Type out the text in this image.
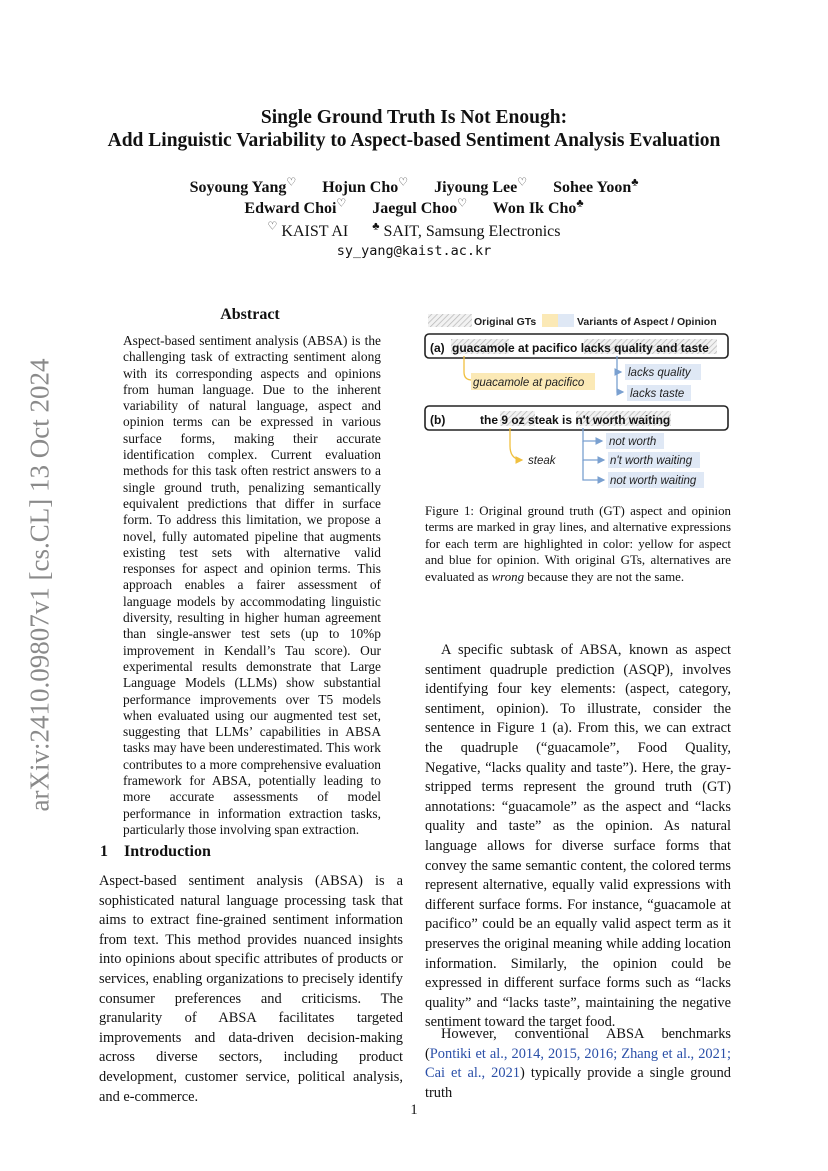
arXiv:2410.09807v1 [cs.CL] 13 Oct 2024
Single Ground Truth Is Not Enough:
Add Linguistic Variability to Aspect-based Sentiment Analysis Evaluation
Soyoung Yang♡ Hojun Cho♡ Jiyoung Lee♡ Sohee Yoon♣
Edward Choi♡ Jaegul Choo♡ Won Ik Cho♣
♡ KAIST AI ♣ SAIT, Samsung Electronics
sy_yang@kaist.ac.kr
Abstract
Aspect-based sentiment analysis (ABSA) is the challenging task of extracting sentiment along with its corresponding aspects and opinions from human language. Due to the inherent variability of natural language, aspect and opinion terms can be expressed in various surface forms, making their accurate identification complex. Current evaluation methods for this task often restrict answers to a single ground truth, penalizing semantically equivalent predictions that differ in surface form. To address this limitation, we propose a novel, fully automated pipeline that augments existing test sets with alternative valid responses for aspect and opinion terms. This approach enables a fairer assessment of language models by accommodating linguistic diversity, resulting in higher human agreement than single-answer test sets (up to 10%p improvement in Kendall’s Tau score). Our experimental results demonstrate that Large Language Models (LLMs) show substantial performance improvements over T5 models when evaluated using our augmented test set, suggesting that LLMs’ capabilities in ABSA tasks may have been underestimated. This work contributes to a more comprehensive evaluation framework for ABSA, potentially leading to more accurate assessments of model performance in information extraction tasks, particularly those involving span extraction.
1 Introduction
Aspect-based sentiment analysis (ABSA) is a sophisticated natural language processing task that aims to extract fine-grained sentiment information from text. This method provides nuanced insights into opinions about specific attributes of products or services, enabling organizations to precisely identify consumer preferences and criticisms. The granularity of ABSA facilitates targeted improvements and data-driven decision-making across diverse sectors, including product development, customer service, political analysis, and e-commerce.
Original GTs	Variants of Aspect / Opinion
(a) guacamole at pacifico lacks quality and taste
guacamole at pacifico
lacks quality
lacks taste
(b)	the 9 oz steak is n't worth waiting
steak
not worth
n't worth waiting
not worth waiting
Figure 1: Original ground truth (GT) aspect and opinion terms are marked in gray lines, and alternative expressions for each term are highlighted in color: yellow for aspect and blue for opinion. With original GTs, alternatives are evaluated as wrong because they are not the same.
A specific subtask of ABSA, known as aspect sentiment quadruple prediction (ASQP), involves identifying four key elements: (aspect, category, sentiment, opinion). To illustrate, consider the sentence in Figure 1 (a). From this, we can extract the quadruple (“guacamole”, Food Quality, Negative, “lacks quality and taste”). Here, the gray-stripped terms represent the ground truth (GT) annotations: “guacamole” as the aspect and “lacks quality and taste” as the opinion. As natural language allows for diverse surface forms that convey the same semantic content, the colored terms represent alternative, equally valid expressions with different surface forms. For instance, “guacamole at pacifico” could be an equally valid aspect term as it preserves the original meaning while adding location information. Similarly, the opinion could be expressed in different surface forms such as “lacks quality” and “lacks taste”, maintaining the negative sentiment toward the target food.
However, conventional ABSA benchmarks (Pontiki et al., 2014, 2015, 2016; Zhang et al., 2021; Cai et al., 2021) typically provide a single ground truth
1
